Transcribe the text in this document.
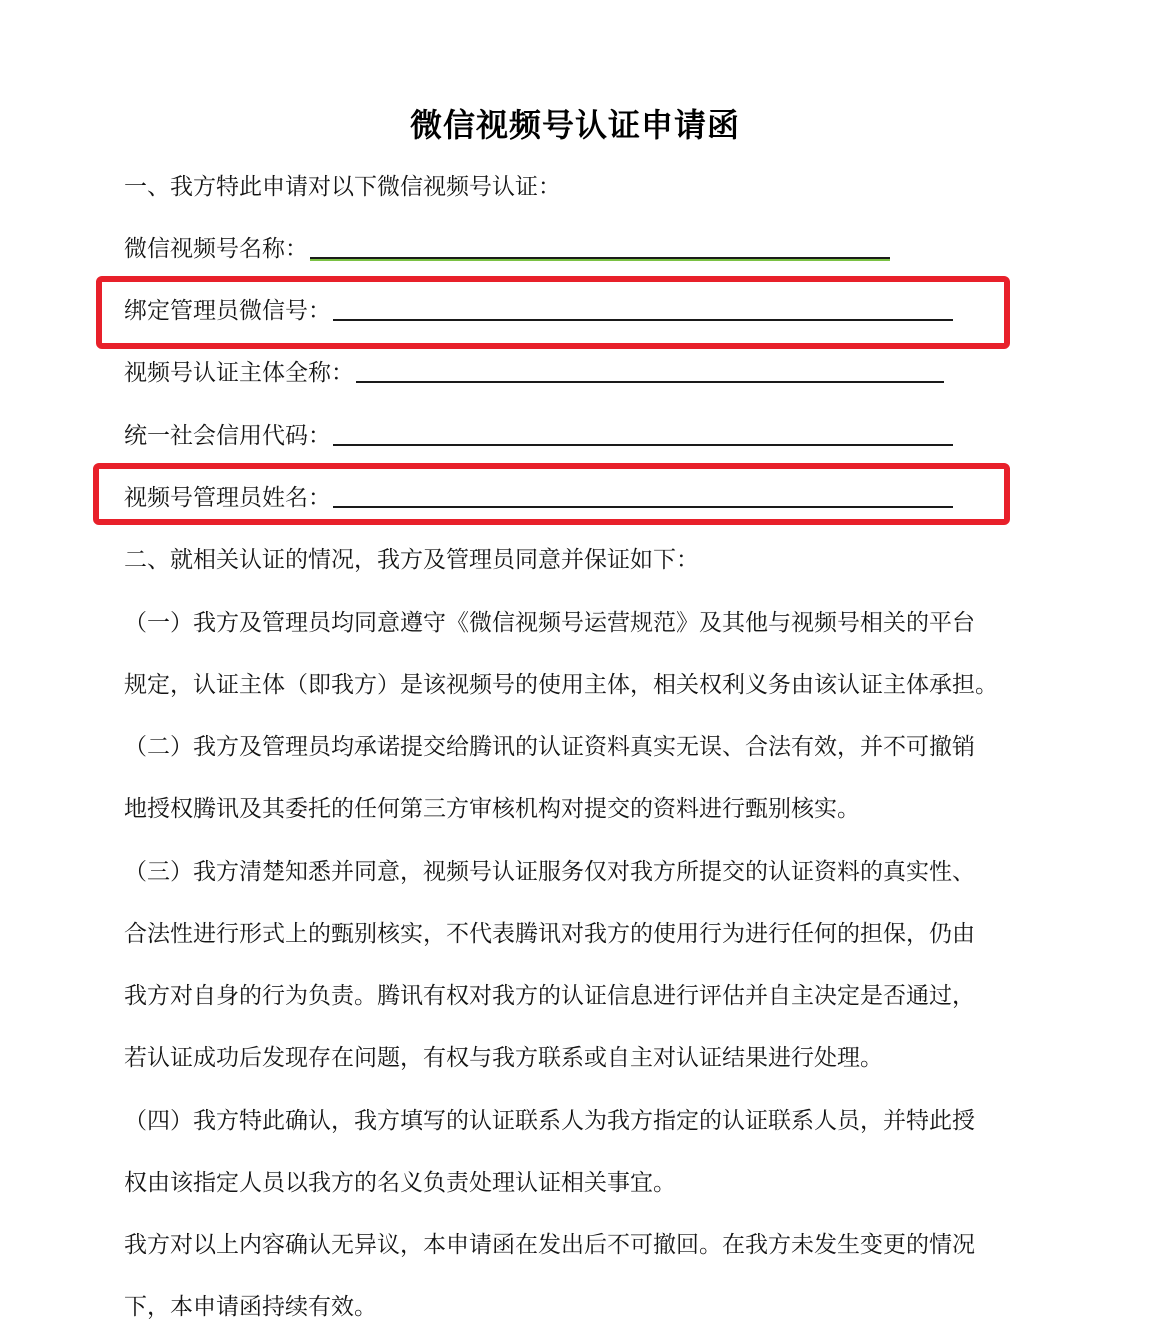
微信视频号认证申请函
一、我方特此申请对以下微信视频号认证：
微信视频号名称：
绑定管理员微信号：
视频号认证主体全称：
统一社会信用代码：
视频号管理员姓名：
二、就相关认证的情况，我方及管理员同意并保证如下：
（一）我方及管理员均同意遵守《微信视频号运营规范》及其他与视频号相关的平台
规定，认证主体（即我方）是该视频号的使用主体，相关权利义务由该认证主体承担。
（二）我方及管理员均承诺提交给腾讯的认证资料真实无误、合法有效，并不可撤销
地授权腾讯及其委托的任何第三方审核机构对提交的资料进行甄别核实。
（三）我方清楚知悉并同意，视频号认证服务仅对我方所提交的认证资料的真实性、
合法性进行形式上的甄别核实，不代表腾讯对我方的使用行为进行任何的担保，仍由
我方对自身的行为负责。腾讯有权对我方的认证信息进行评估并自主决定是否通过，
若认证成功后发现存在问题，有权与我方联系或自主对认证结果进行处理。
（四）我方特此确认，我方填写的认证联系人为我方指定的认证联系人员，并特此授
权由该指定人员以我方的名义负责处理认证相关事宜。
我方对以上内容确认无异议，本申请函在发出后不可撤回。在我方未发生变更的情况
下，本申请函持续有效。
